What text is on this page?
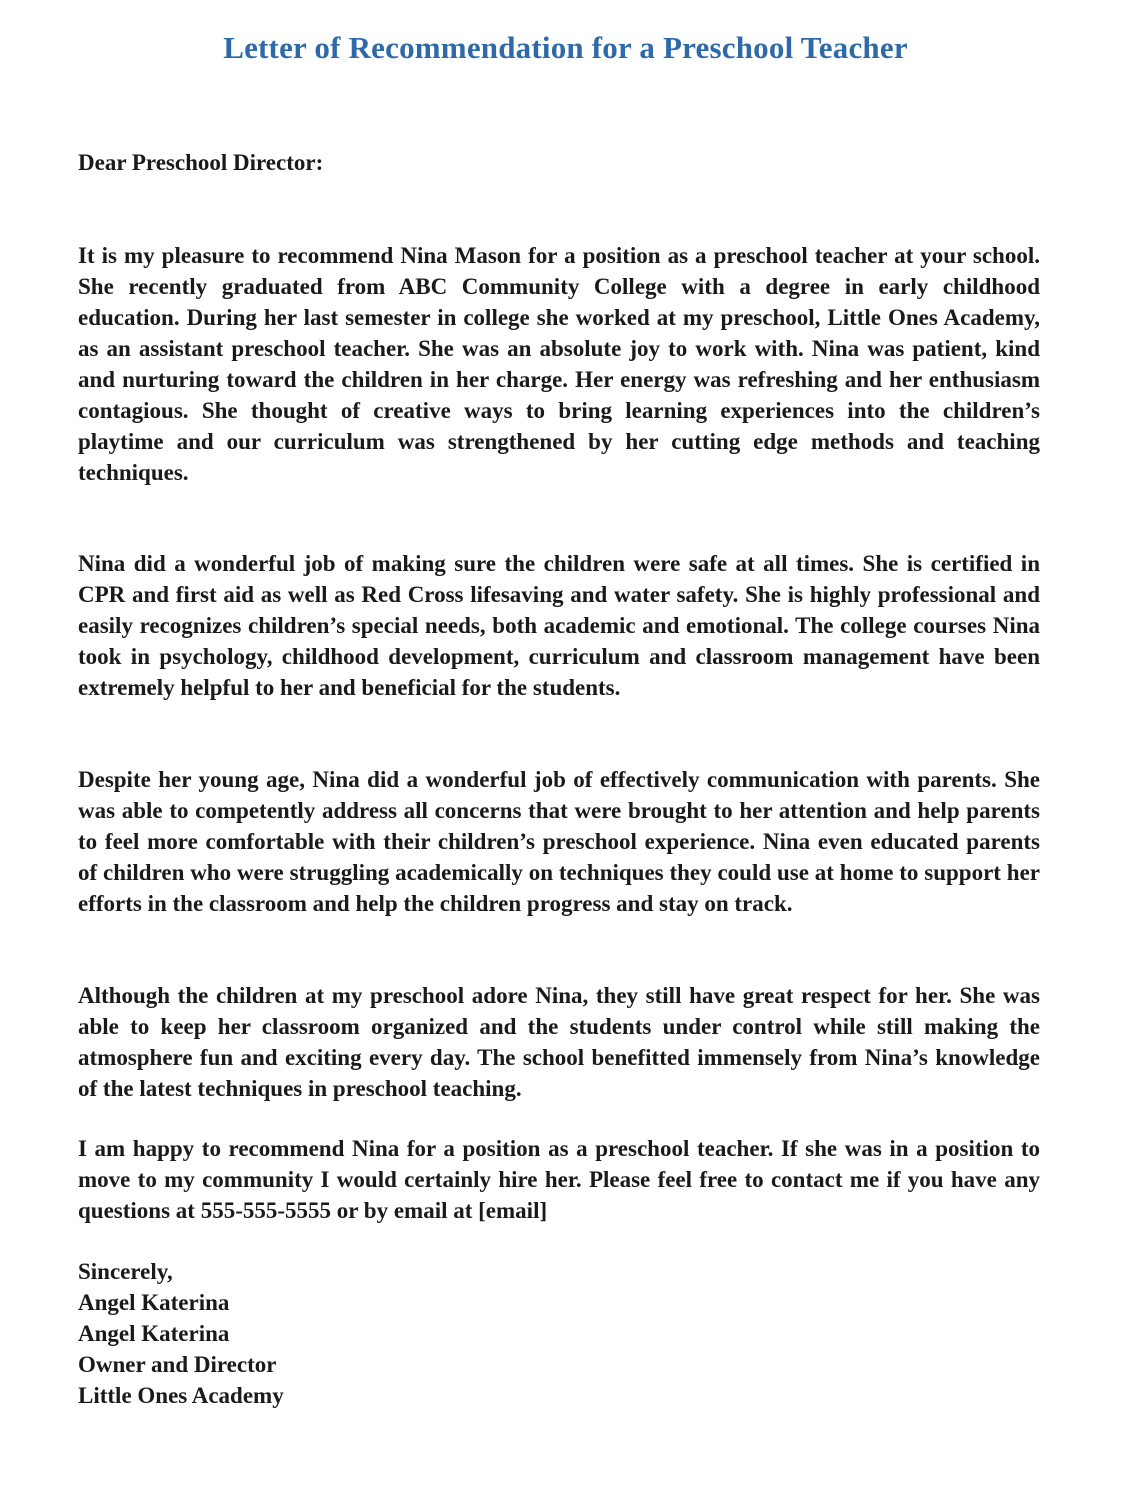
Letter of Recommendation for a Preschool Teacher

Dear Preschool Director:

It is my pleasure to recommend Nina Mason for a position as a preschool teacher at your school. She recently graduated from ABC Community College with a degree in early childhood education. During her last semester in college she worked at my preschool, Little Ones Academy, as an assistant preschool teacher. She was an absolute joy to work with. Nina was patient, kind and nurturing toward the children in her charge. Her energy was refreshing and her enthusiasm contagious. She thought of creative ways to bring learning experiences into the children’s playtime and our curriculum was strengthened by her cutting edge methods and teaching techniques.

Nina did a wonderful job of making sure the children were safe at all times. She is certified in CPR and first aid as well as Red Cross lifesaving and water safety. She is highly professional and easily recognizes children’s special needs, both academic and emotional. The college courses Nina took in psychology, childhood development, curriculum and classroom management have been extremely helpful to her and beneficial for the students.

Despite her young age, Nina did a wonderful job of effectively communication with parents. She was able to competently address all concerns that were brought to her attention and help parents to feel more comfortable with their children’s preschool experience. Nina even educated parents of children who were struggling academically on techniques they could use at home to support her efforts in the classroom and help the children progress and stay on track.

Although the children at my preschool adore Nina, they still have great respect for her. She was able to keep her classroom organized and the students under control while still making the atmosphere fun and exciting every day. The school benefitted immensely from Nina’s knowledge of the latest techniques in preschool teaching.

I am happy to recommend Nina for a position as a preschool teacher. If she was in a position to move to my community I would certainly hire her. Please feel free to contact me if you have any questions at 555-555-5555 or by email at [email]

Sincerely,
Angel Katerina
Angel Katerina
Owner and Director
Little Ones Academy
